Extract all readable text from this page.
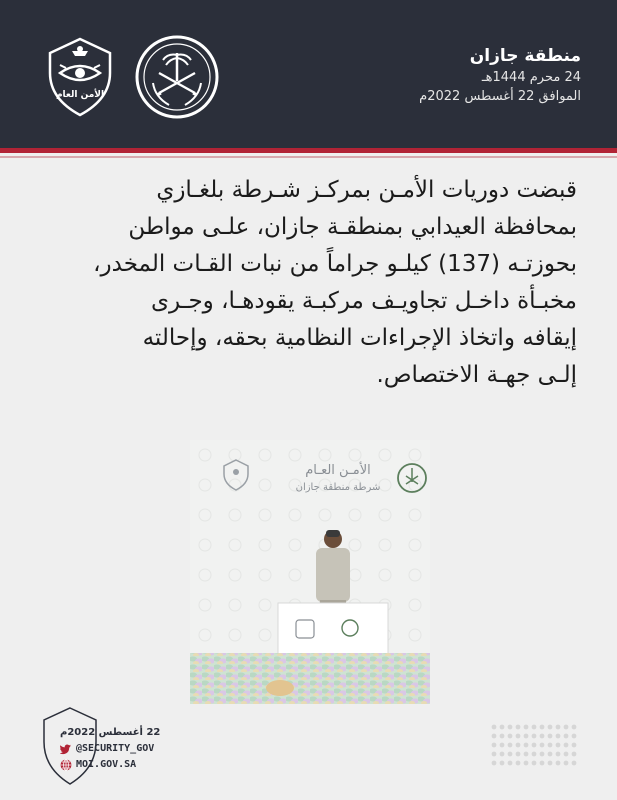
منطقة جازان
24 محرم 1444هـ
الموافق 22 أغسطس 2022م
الأمن العام
قبضت دوريات الأمـن بمركـز شـرطة بلغـازي
بمحافظة العيدابي بمنطقـة جازان، علـى مواطن
بحوزتـه (137) كيلـو جراماً من نبات القـات المخدر،
مخبـأة داخـل تجاويـف مركبـة يقودهـا، وجـرى
إيقافه واتخاذ الإجراءات النظامية بحقه، وإحالته
إلـى جهـة الاختصاص.
الأمـن العـام
شرطة منطقة جازان
22 أغسطس 2022م
@SECURITY_GOV
MOI.GOV.SA
